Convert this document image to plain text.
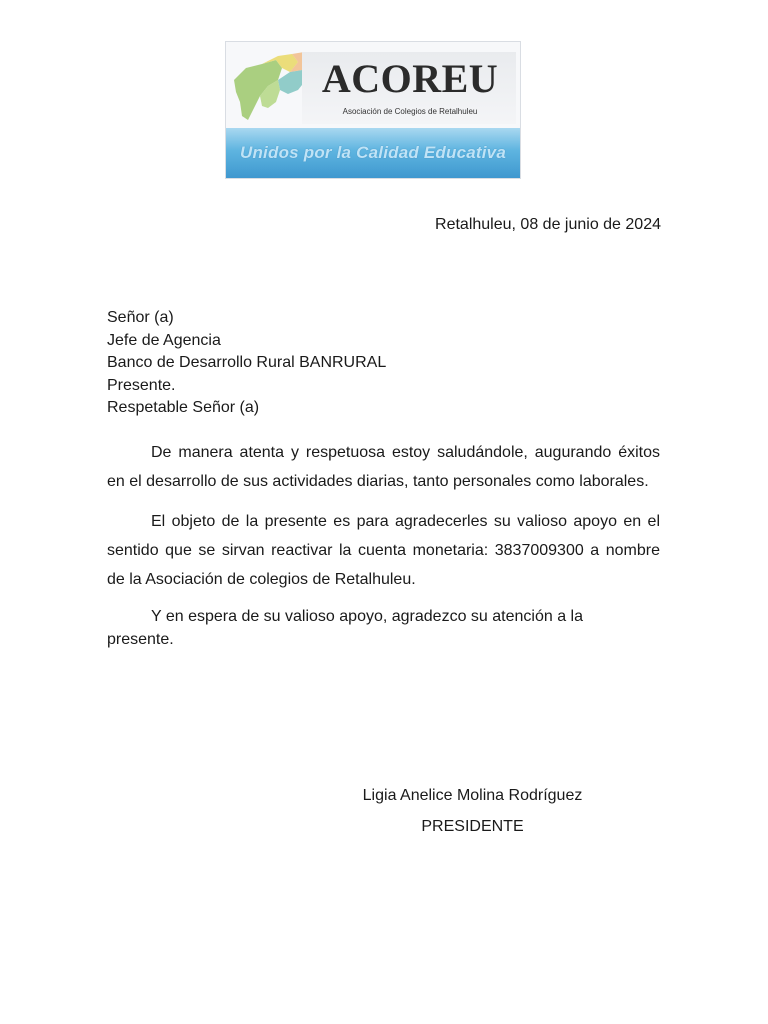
ACOREU
Asociación de Colegios de Retalhuleu
Unidos por la Calidad Educativa
Retalhuleu, 08 de junio de 2024
Señor (a)
Jefe de Agencia
Banco de Desarrollo Rural BANRURAL
Presente.
Respetable Señor (a)
De manera atenta y respetuosa estoy saludándole, augurando éxitos en el desarrollo de sus actividades diarias, tanto personales como laborales.
El objeto de la presente es para agradecerles su valioso apoyo en el sentido que se sirvan reactivar la cuenta monetaria: 3837009300 a nombre de la Asociación de colegios de Retalhuleu.
Y en espera de su valioso apoyo, agradezco su atención a la presente.
Ligia Anelice Molina Rodríguez
PRESIDENTE
